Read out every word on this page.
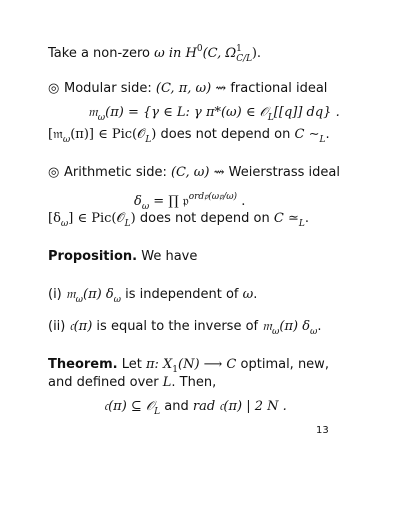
Take a non-zero ω in $H^0(C$, $\Omega_{C/L}^1$ ).
◎ Modular side: (C, π, ω) ⇝ fractional ideal
𝔪$_\omega$(π) = {γ ∈ L: γ π*(ω) ∈ 𝒪$_L$[[q]] dq} .
[𝔪$_\omega$(π)] ∈ Pic(𝒪$_L$) does not depend on C $\sim_L$.
◎ Arithmetic side: (C, ω) ⇝ Weierstrass ideal
$\delta_\omega$ = ∏ 𝔭$^{ord𝔭(\omega 𝔭/\omega)}$ .
$[\delta_\omega]$ ∈ Pic(𝒪$_L$) does not depend on C $≃_L$.
Proposition. We have
(i) 𝔪$_\omega$(π) $\delta_\omega$ is independent of ω.
(ii) 𝔠(π) is equal to the inverse of 𝔪$_\omega$(π) $\delta_\omega$.
Theorem. Let π: $X_1(N)$ ⟶ C optimal, new,
and defined over L. Then,
𝔠(π) ⊆ 𝒪$_L$ and rad 𝔠(π) | 2 N .
13
